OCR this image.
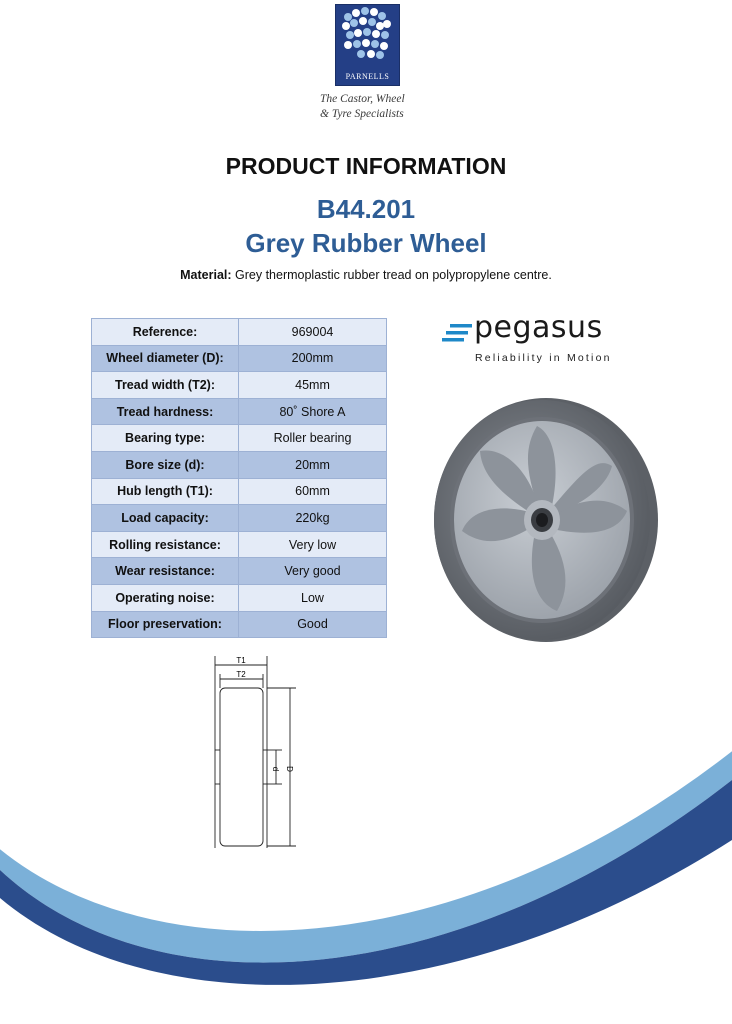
PARNELLS
The Castor, Wheel
& Tyre Specialists
PRODUCT INFORMATION
B44.201
Grey Rubber Wheel
Material: Grey thermoplastic rubber tread on polypropylene centre.
Reference:	969004
Wheel diameter (D):	200mm
Tread width (T2):	45mm
Tread hardness:	80˚ Shore A
Bearing type:	Roller bearing
Bore size (d):	20mm
Hub length (T1):	60mm
Load capacity:	220kg
Rolling resistance:	Very low
Wear resistance:	Very good
Operating noise:	Low
Floor preservation:	Good
pegasus
Reliability in Motion
T1
T2
d D
